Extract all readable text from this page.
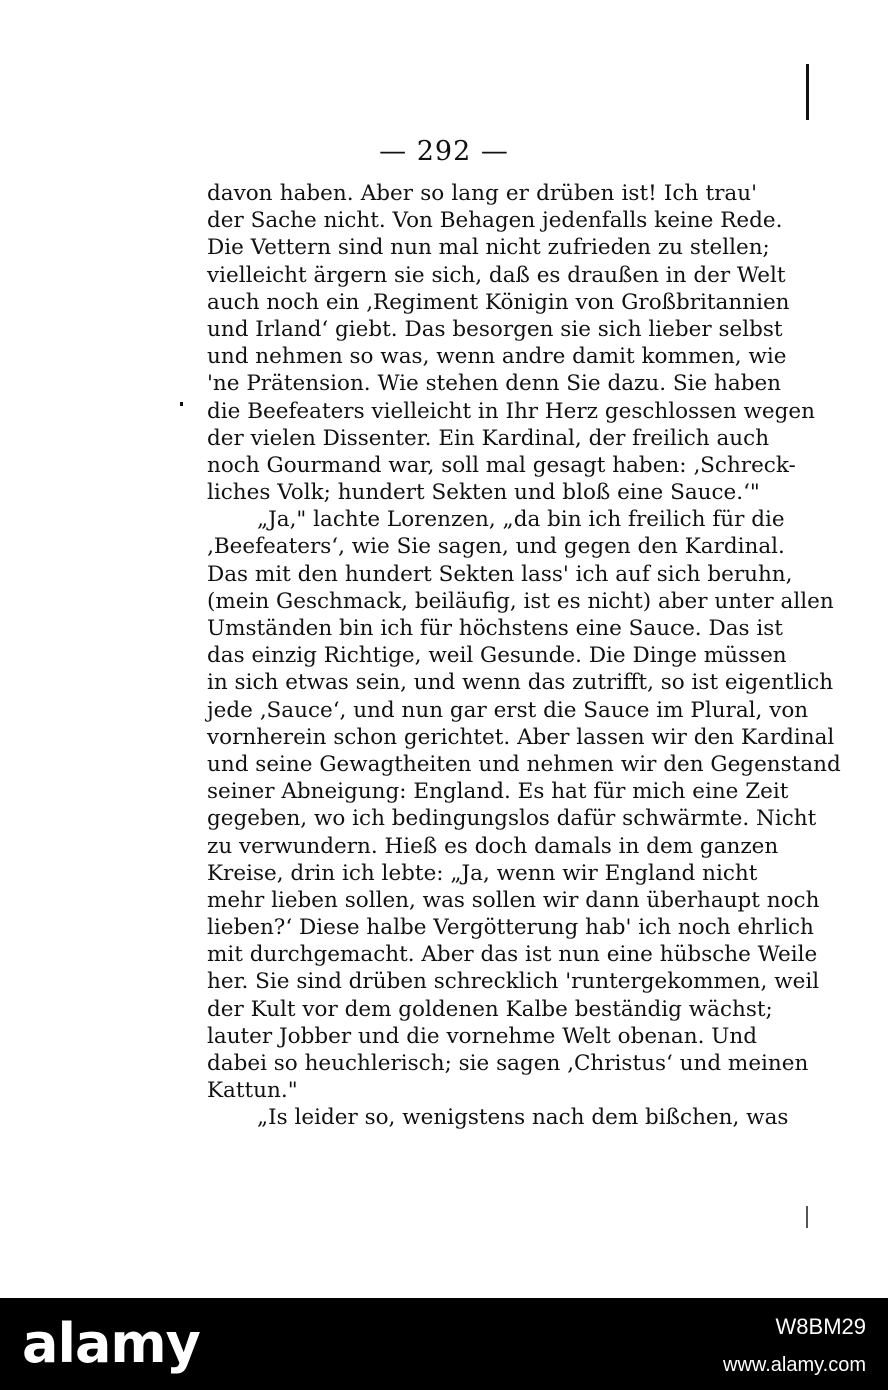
— 292 —
davon haben. Aber so lang er drüben ist! Ich trau'
der Sache nicht. Von Behagen jedenfalls keine Rede.
Die Vettern sind nun mal nicht zufrieden zu stellen;
vielleicht ärgern sie sich, daß es draußen in der Welt
auch noch ein ‚Regiment Königin von Großbritannien
und Irland‘ giebt. Das besorgen sie sich lieber selbst
und nehmen so was, wenn andre damit kommen, wie
'ne Prätension. Wie stehen denn Sie dazu. Sie haben
die Beefeaters vielleicht in Ihr Herz geschlossen wegen
der vielen Dissenter. Ein Kardinal, der freilich auch
noch Gourmand war, soll mal gesagt haben: ‚Schreck-
liches Volk; hundert Sekten und bloß eine Sauce.‘"
„Ja," lachte Lorenzen, „da bin ich freilich für die
‚Beefeaters‘, wie Sie sagen, und gegen den Kardinal.
Das mit den hundert Sekten lass' ich auf sich beruhn,
(mein Geschmack, beiläufig, ist es nicht) aber unter allen
Umständen bin ich für höchstens eine Sauce. Das ist
das einzig Richtige, weil Gesunde. Die Dinge müssen
in sich etwas sein, und wenn das zutrifft, so ist eigentlich
jede ‚Sauce‘, und nun gar erst die Sauce im Plural, von
vornherein schon gerichtet. Aber lassen wir den Kardinal
und seine Gewagtheiten und nehmen wir den Gegenstand
seiner Abneigung: England. Es hat für mich eine Zeit
gegeben, wo ich bedingungslos dafür schwärmte. Nicht
zu verwundern. Hieß es doch damals in dem ganzen
Kreise, drin ich lebte: „Ja, wenn wir England nicht
mehr lieben sollen, was sollen wir dann überhaupt noch
lieben?‘ Diese halbe Vergötterung hab' ich noch ehrlich
mit durchgemacht. Aber das ist nun eine hübsche Weile
her. Sie sind drüben schrecklich 'runtergekommen, weil
der Kult vor dem goldenen Kalbe beständig wächst;
lauter Jobber und die vornehme Welt obenan. Und
dabei so heuchlerisch; sie sagen ‚Christus‘ und meinen
Kattun."
„Is leider so, wenigstens nach dem bißchen, was
alamy	W8BM29
www.alamy.com
